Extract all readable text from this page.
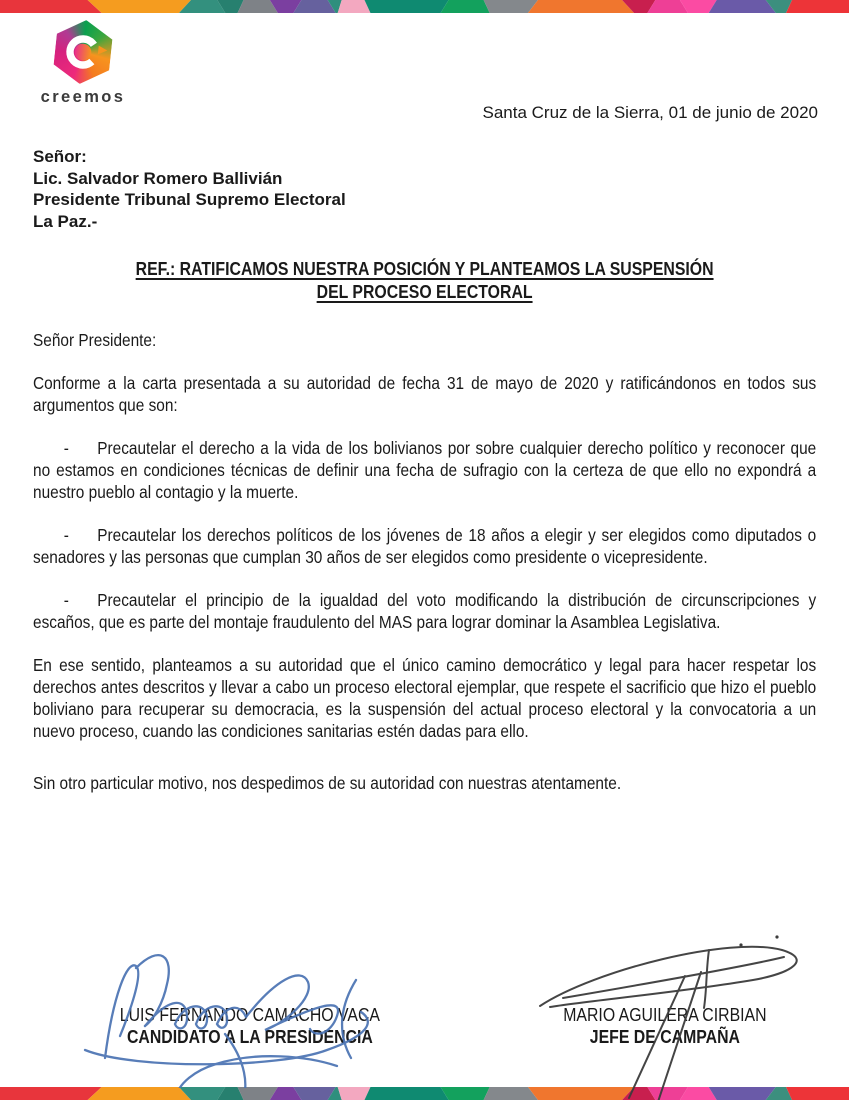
creemos
Santa Cruz de la Sierra, 01 de junio de 2020
Señor:
Lic. Salvador Romero Ballivián
Presidente Tribunal Supremo Electoral
La Paz.-
REF.: RATIFICAMOS NUESTRA POSICIÓN Y PLANTEAMOS LA SUSPENSIÓN
DEL PROCESO ELECTORAL
Señor Presidente:

Conforme a la carta presentada a su autoridad de fecha 31 de mayo de 2020 y ratificándonos en todos sus argumentos que son:

- Precautelar el derecho a la vida de los bolivianos por sobre cualquier derecho político y reconocer que no estamos en condiciones técnicas de definir una fecha de sufragio con la certeza de que ello no expondrá a nuestro pueblo al contagio y la muerte.

- Precautelar los derechos políticos de los jóvenes de 18 años a elegir y ser elegidos como diputados o senadores y las personas que cumplan 30 años de ser elegidos como presidente o vicepresidente.

- Precautelar el principio de la igualdad del voto modificando la distribución de circunscripciones y escaños, que es parte del montaje fraudulento del MAS para lograr dominar la Asamblea Legislativa.

En ese sentido, planteamos a su autoridad que el único camino democrático y legal para hacer respetar los derechos antes descritos y llevar a cabo un proceso electoral ejemplar, que respete el sacrificio que hizo el pueblo boliviano para recuperar su democracia, es la suspensión del actual proceso electoral y la convocatoria a un nuevo proceso, cuando las condiciones sanitarias estén dadas para ello.

Sin otro particular motivo, nos despedimos de su autoridad con nuestras atentamente.

LUIS FERNANDO CAMACHO VACA
CANDIDATO A LA PRESIDENCIA
MARIO AGUILERA CIRBIAN
JEFE DE CAMPAÑA
